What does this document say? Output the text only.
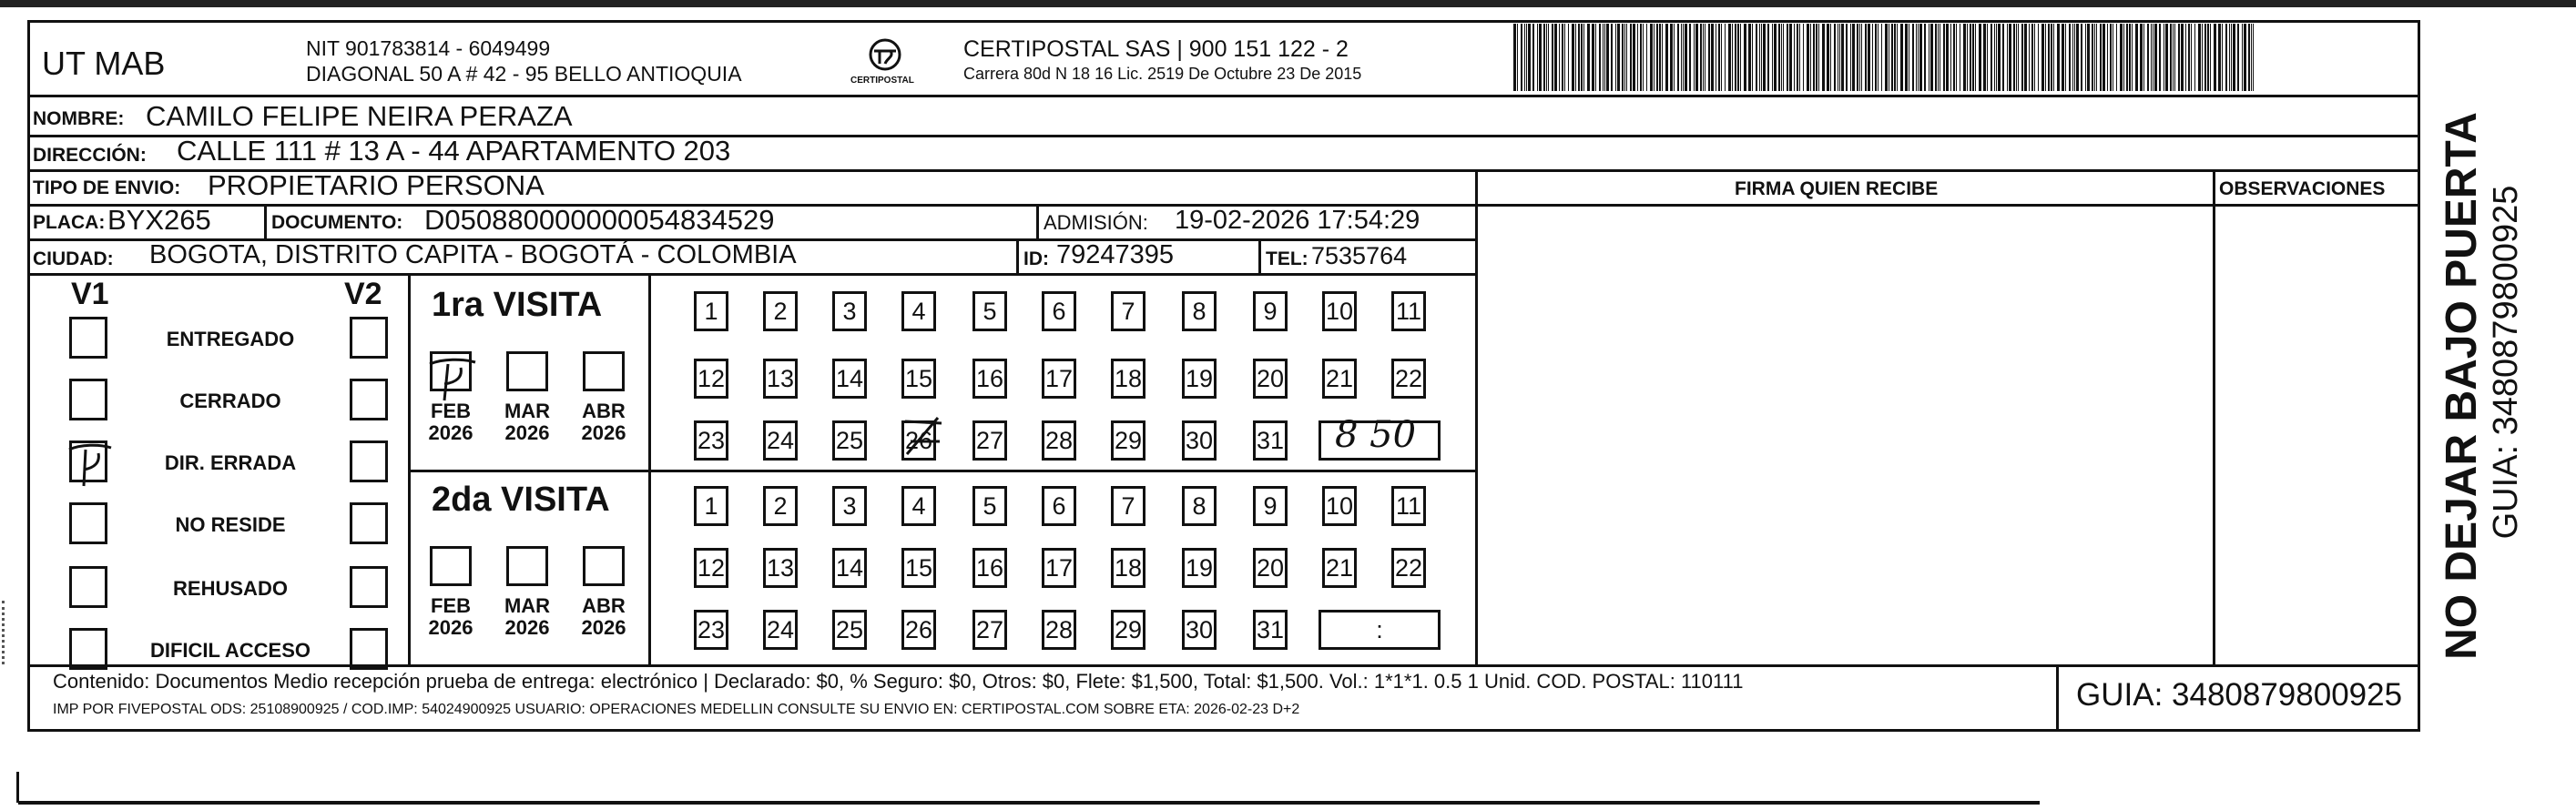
UT MAB	NIT 901783814 - 6049499
DIAGONAL 50 A # 42 - 95 BELLO ANTIOQUIA	CERTIPOSTAL
CERTIPOSTAL SAS | 900 151 122 - 2
Carrera 80d N 18 16 Lic. 2519 De Octubre 23 De 2015
NOMBRE: CAMILO FELIPE NEIRA PERAZA
DIRECCIÓN: CALLE 111 # 13 A - 44 APARTAMENTO 203
TIPO DE ENVIO: PROPIETARIO PERSONA	FIRMA QUIEN RECIBE	OBSERVACIONES
PLACA: BYX265	DOCUMENTO: D050880000000054834529	ADMISIÓN: 19-02-2026 17:54:29
CIUDAD: BOGOTA, DISTRITO CAPITA - BOGOTÁ - COLOMBIA	ID: 79247395	TEL: 7535764
V1	V2
ENTREGADO
CERRADO
DIR. ERRADA
NO RESIDE
REHUSADO
DIFICIL ACCESO
1ra VISITA
2da VISITA
FEB
2026
MAR
2026
ABR
2026
1	2	3	4	5	6	7	8	9	10 11
12 13 14 15 16 17 18 19 20 21 22
23 24 25 26 27 28 29 30 31
FEB
2026
MAR
2026
ABR
2026
1	2	3	4	5	6	7	8	9	10 11
12 13 14 15 16 17 18 19 20 21 22
23 24 25 26 27 28 29 30 31	:
8 50
Contenido: Documentos Medio recepción prueba de entrega: electrónico | Declarado: $0, % Seguro: $0, Otros: $0, Flete: $1,500, Total: $1,500. Vol.: 1*1*1. 0.5 1 Unid. COD. POSTAL: 110111
IMP POR FIVEPOSTAL ODS: 25108900925 / COD.IMP: 54024900925 USUARIO: OPERACIONES MEDELLIN CONSULTE SU ENVIO EN: CERTIPOSTAL.COM SOBRE ETA: 2026-02-23 D+2	GUIA: 3480879800925
NO DEJAR BAJO PUERTA GUIA: 3480879800925
